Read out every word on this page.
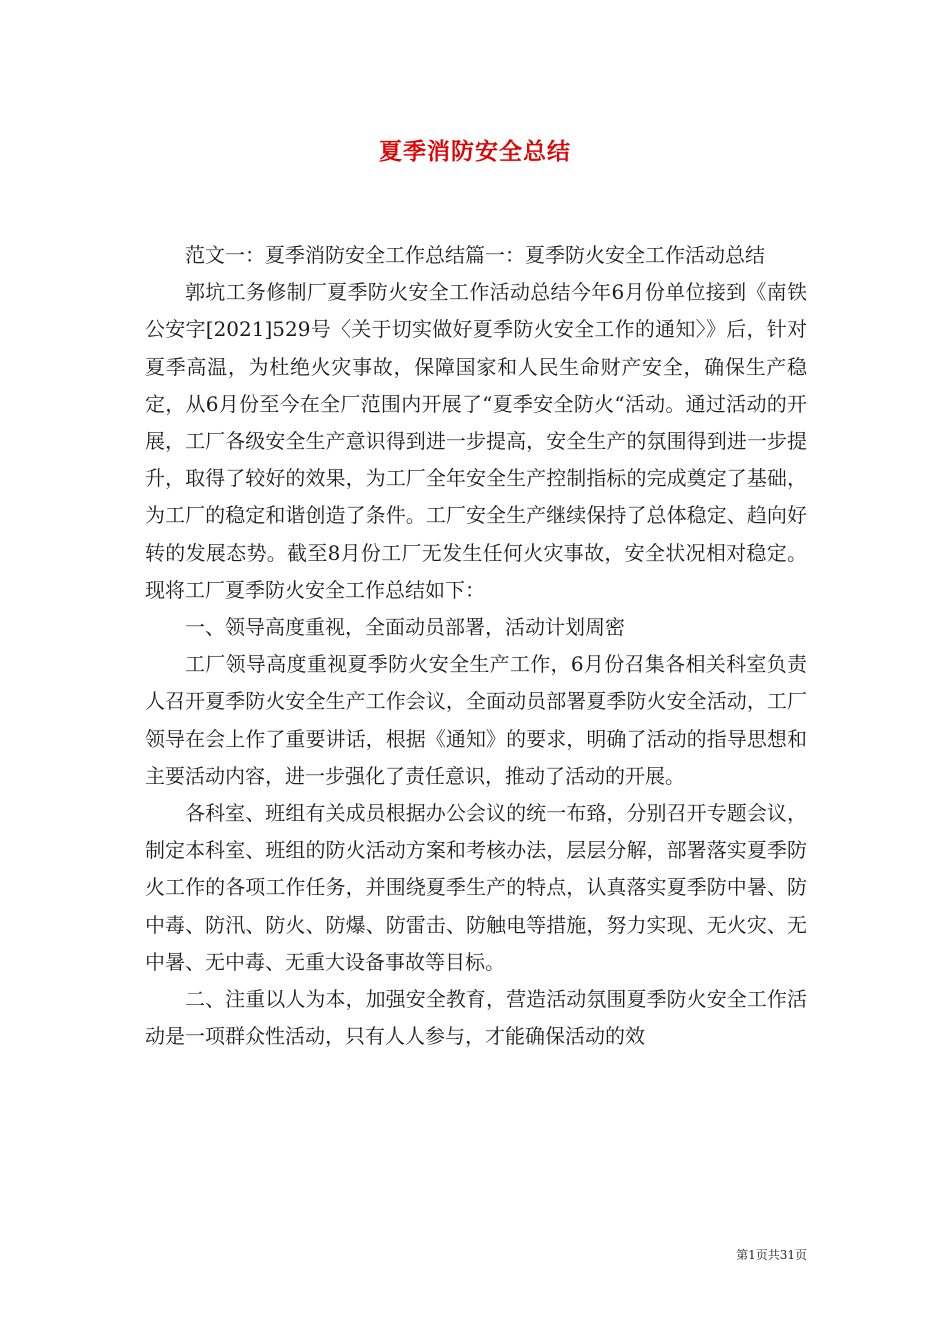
夏季消防安全总结

范文一：夏季消防安全工作总结篇一：夏季防火安全工作活动总结

郭坑工务修制厂夏季防火安全工作活动总结今年6月份单位接到《南铁公安字[2021]529号〈关于切实做好夏季防火安全工作的通知〉》后，针对夏季高温，为杜绝火灾事故，保障国家和人民生命财产安全，确保生产稳定，从6月份至今在全厂范围内开展了“夏季安全防火“活动。通过活动的开展，工厂各级安全生产意识得到进一步提高，安全生产的氛围得到进一步提升，取得了较好的效果，为工厂全年安全生产控制指标的完成奠定了基础，为工厂的稳定和谐创造了条件。工厂安全生产继续保持了总体稳定、趋向好转的发展态势。截至8月份工厂无发生任何火灾事故，安全状况相对稳定。现将工厂夏季防火安全工作总结如下：

一、领导高度重视，全面动员部署，活动计划周密

工厂领导高度重视夏季防火安全生产工作，6月份召集各相关科室负责人召开夏季防火安全生产工作会议，全面动员部署夏季防火安全活动，工厂领导在会上作了重要讲话，根据《通知》的要求，明确了活动的指导思想和主要活动内容，进一步强化了责任意识，推动了活动的开展。

各科室、班组有关成员根据办公会议的统一布臵，分别召开专题会议，制定本科室、班组的防火活动方案和考核办法，层层分解，部署落实夏季防火工作的各项工作任务，并围绕夏季生产的特点，认真落实夏季防中暑、防中毒、防汛、防火、防爆、防雷击、防触电等措施，努力实现、无火灾、无中暑、无中毒、无重大设备事故等目标。

二、注重以人为本，加强安全教育，营造活动氛围夏季防火安全工作活动是一项群众性活动，只有人人参与，才能确保活动的效

第1页共31页
